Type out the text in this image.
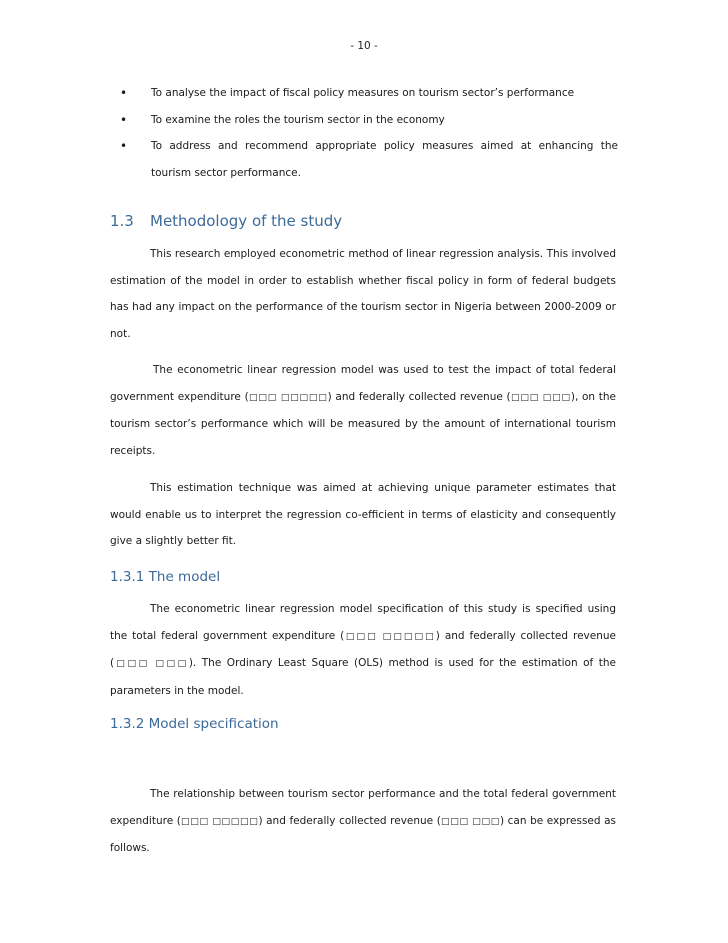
- 10 -
• To analyse the impact of fiscal policy measures on tourism sector’s performance
• To examine the roles the tourism sector in the economy
• To address and recommend appropriate policy measures aimed at enhancing the tourism sector performance.
1.3 Methodology of the study

This research employed econometric method of linear regression analysis. This involved estimation of the model in order to establish whether fiscal policy in form of federal budgets has had any impact on the performance of the tourism sector in Nigeria between 2000-2009 or not.

The econometric linear regression model was used to test the impact of total federal government expenditure (□□□ □□□□□) and federally collected revenue (□□□ □□□), on the tourism sector’s performance which will be measured by the amount of international tourism receipts.

This estimation technique was aimed at achieving unique parameter estimates that would enable us to interpret the regression co-efficient in terms of elasticity and consequently give a slightly better fit.

1.3.1 The model

The econometric linear regression model specification of this study is specified using the total federal government expenditure (□□□ □□□□□) and federally collected revenue (□□□ □□□). The Ordinary Least Square (OLS) method is used for the estimation of the parameters in the model.

1.3.2 Model specification

The relationship between tourism sector performance and the total federal government expenditure (□□□ □□□□□) and federally collected revenue (□□□ □□□) can be expressed as follows.
